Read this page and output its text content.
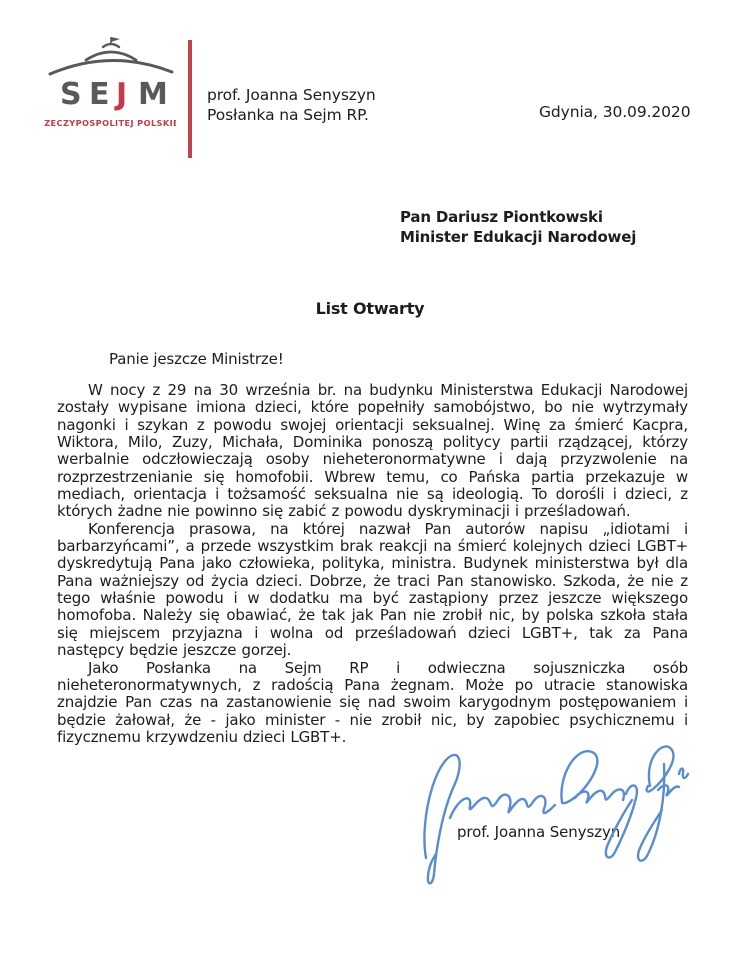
S E J M
RZECZYPOSPOLITEJ POLSKIEJ
prof. Joanna Senyszyn
Posłanka na Sejm RP.	Gdynia, 30.09.2020
Pan Dariusz Piontkowski
Minister Edukacji Narodowej
List Otwarty
Panie jeszcze Ministrze!

W nocy z 29 na 30 września br. na budynku Ministerstwa Edukacji Narodowej zostały wypisane imiona dzieci, które popełniły samobójstwo, bo nie wytrzymały nagonki i szykan z powodu swojej orientacji seksualnej. Winę za śmierć Kacpra, Wiktora, Milo, Zuzy, Michała, Dominika ponoszą politycy partii rządzącej, którzy werbalnie odczłowieczają osoby nieheteronormatywne i dają przyzwolenie na rozprzestrzenianie się homofobii. Wbrew temu, co Pańska partia przekazuje w mediach, orientacja i tożsamość seksualna nie są ideologią. To dorośli i dzieci, z których żadne nie powinno się zabić z powodu dyskryminacji i prześladowań.

Konferencja prasowa, na której nazwał Pan autorów napisu „idiotami i barbarzyńcami”, a przede wszystkim brak reakcji na śmierć kolejnych dzieci LGBT+ dyskredytują Pana jako człowieka, polityka, ministra. Budynek ministerstwa był dla Pana ważniejszy od życia dzieci. Dobrze, że traci Pan stanowisko. Szkoda, że nie z tego właśnie powodu i w dodatku ma być zastąpiony przez jeszcze większego homofoba. Należy się obawiać, że tak jak Pan nie zrobił nic, by polska szkoła stała się miejscem przyjazna i wolna od prześladowań dzieci LGBT+, tak za Pana następcy będzie jeszcze gorzej.

Jako Posłanka na Sejm RP i odwieczna sojuszniczka osób nieheteronormatywnych, z radością Pana żegnam. Może po utracie stanowiska znajdzie Pan czas na zastanowienie się nad swoim karygodnym postępowaniem i będzie żałował, że - jako minister - nie zrobił nic, by zapobiec psychicznemu i fizycznemu krzywdzeniu dzieci LGBT+.

prof. Joanna Senyszyn
